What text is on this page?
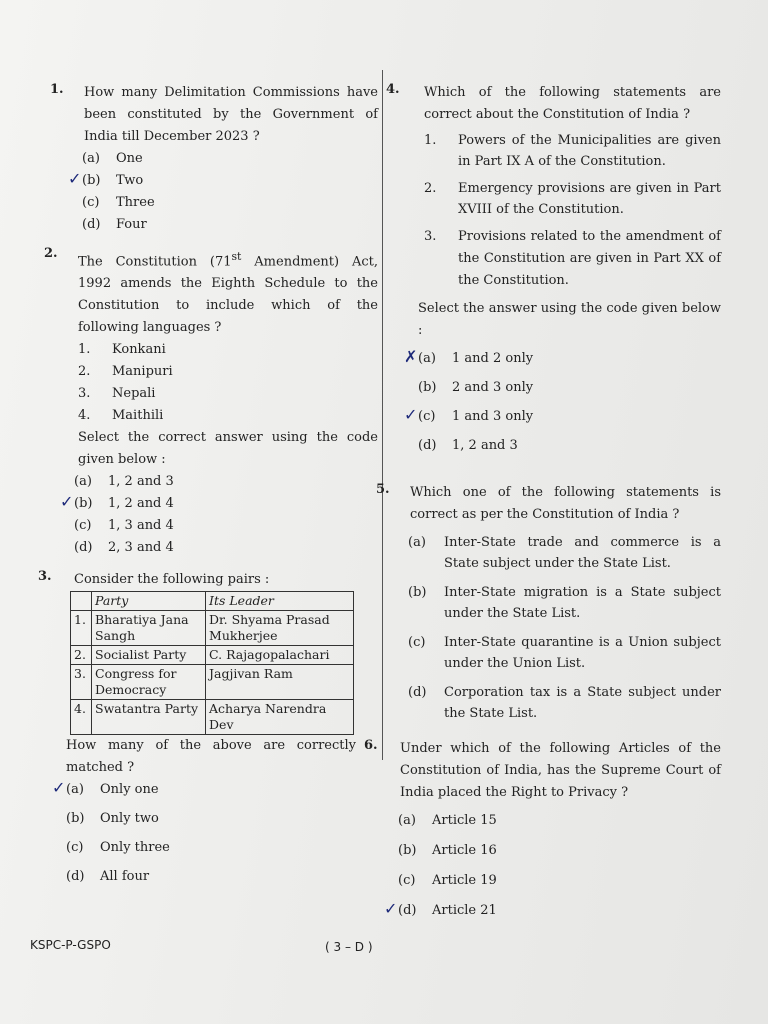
1. How many Delimitation Commissions have been constituted by the Government of India till December 2023 ?
(a)	One
✓ (b)	Two
(c)	Three
(d)	Four
2.
The Constitution (71st Amendment) Act, 1992 amends the Eighth Schedule to the Constitution to include which of the following languages ?
1.	Konkani
2.	Manipuri
3.	Nepali
4.	Maithili
Select the correct answer using the code given below :
(a)	1, 2 and 3
✓ (b)	1, 2 and 4
(c)	1, 3 and 4
(d)	2, 3 and 4
3. Consider the following pairs :
	Party	Its Leader
1.	Bharatiya Jana Sangh	Dr. Shyama Prasad Mukherjee
2.	Socialist Party	C. Rajagopalachari
3.	Congress for Democracy	Jagjivan Ram
4.	Swatantra Party	Acharya Narendra Dev
How many of the above are correctly matched ?
✓ (a)	Only one
(b)	Only two
(c)	Only three
(d)	All four
4. Which of the following statements are correct about the Constitution of India ?
1. Powers of the Municipalities are given in Part IX A of the Constitution.
2. Emergency provisions are given in Part XVIII of the Constitution.
3. Provisions related to the amendment of the Constitution are given in Part XX of the Constitution.
Select the answer using the code given below :
✗ (a)	1 and 2 only
(b)	2 and 3 only
✓ (c)	1 and 3 only
(d)	1, 2 and 3
5. Which one of the following statements is correct as per the Constitution of India ?
(a) Inter-State trade and commerce is a State subject under the State List.
(b) Inter-State migration is a State subject under the State List.
(c) Inter-State quarantine is a Union subject under the Union List.
(d) Corporation tax is a State subject under the State List.
6. Under which of the following Articles of the Constitution of India, has the Supreme Court of India placed the Right to Privacy ?
(a)	Article 15
(b)	Article 16
(c)	Article 19
✓ (d)	Article 21
KSPC-P-GSPO	( 3 – D )
